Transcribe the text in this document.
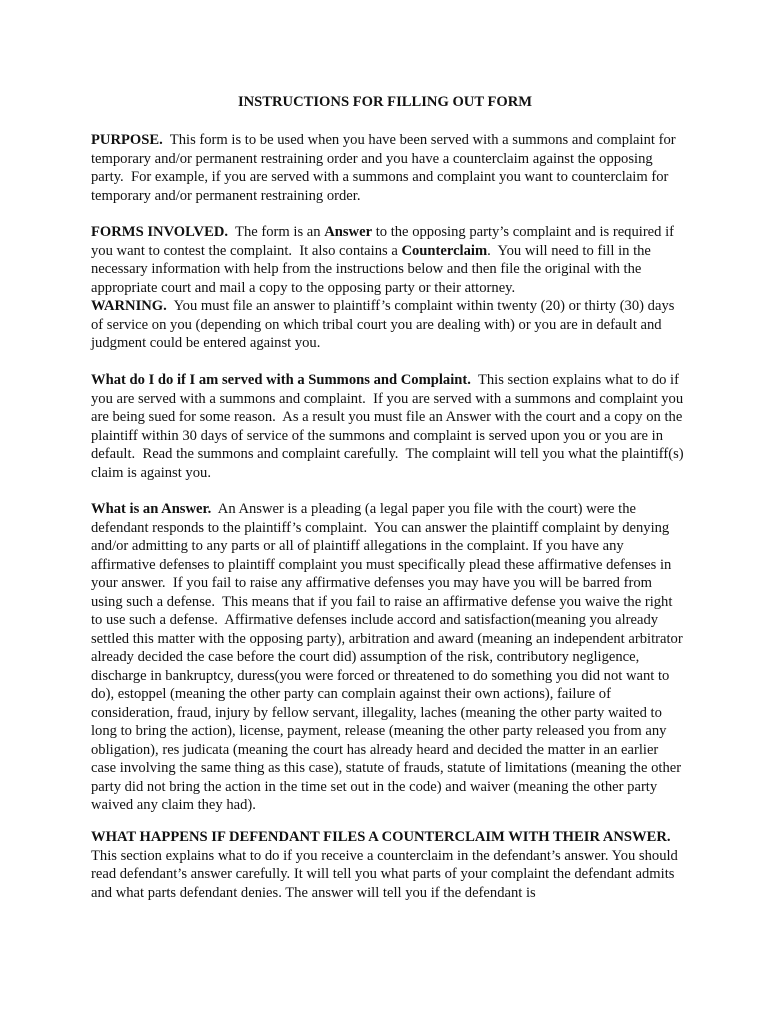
INSTRUCTIONS FOR FILLING OUT FORM

PURPOSE.  This form is to be used when you have been served with a summons and complaint for temporary and/or permanent restraining order and you have a counterclaim against the opposing party.  For example, if you are served with a summons and complaint you want to counterclaim for temporary and/or permanent restraining order.

FORMS INVOLVED.  The form is an Answer to the opposing party’s complaint and is required if you want to contest the complaint.  It also contains a Counterclaim.  You will need to fill in the necessary information with help from the instructions below and then file the original with the appropriate court and mail a copy to the opposing party or their attorney.

WARNING.  You must file an answer to plaintiff’s complaint within twenty (20) or thirty (30) days of service on you (depending on which tribal court you are dealing with) or you are in default and judgment could be entered against you.

What do I do if I am served with a Summons and Complaint.  This section explains what to do if you are served with a summons and complaint.  If you are served with a summons and complaint you are being sued for some reason.  As a result you must file an Answer with the court and a copy on the plaintiff within 30 days of service of the summons and complaint is served upon you or you are in default.  Read the summons and complaint carefully.  The complaint will tell you what the plaintiff(s) claim is against you.

What is an Answer.  An Answer is a pleading (a legal paper you file with the court) were the defendant responds to the plaintiff’s complaint.  You can answer the plaintiff complaint by denying and/or admitting to any parts or all of plaintiff allegations in the complaint. If you have any affirmative defenses to plaintiff complaint you must specifically plead these affirmative defenses in your answer.  If you fail to raise any affirmative defenses you may have you will be barred from using such a defense.  This means that if you fail to raise an affirmative defense you waive the right to use such a defense.  Affirmative defenses include accord and satisfaction(meaning you already settled this matter with the opposing party), arbitration and award (meaning an independent arbitrator already decided the case before the court did) assumption of the risk, contributory negligence, discharge in bankruptcy, duress(you were forced or threatened to do something you did not want to do), estoppel (meaning the other party can complain against their own actions), failure of consideration, fraud, injury by fellow servant, illegality, laches (meaning the other party waited to long to bring the action), license, payment, release (meaning the other party released you from any obligation), res judicata (meaning the court has already heard and decided the matter in an earlier case involving the same thing as this case), statute of frauds, statute of limitations (meaning the other party did not bring the action in the time set out in the code) and waiver (meaning the other party waived any claim they had).

WHAT HAPPENS IF DEFENDANT FILES A COUNTERCLAIM WITH THEIR ANSWER.
This section explains what to do if you receive a counterclaim in the defendant’s answer. You should read defendant’s answer carefully. It will tell you what parts of your complaint the defendant admits and what parts defendant denies. The answer will tell you if the defendant is
